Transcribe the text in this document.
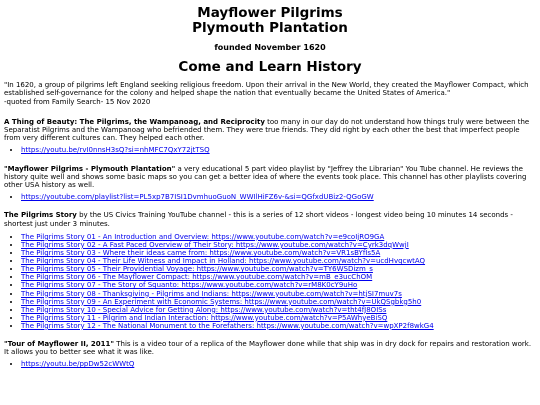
Mayflower Pilgrims
Plymouth Plantation

founded November 1620

Come and Learn History

"In 1620, a group of pilgrims left England seeking religious freedom. Upon their arrival in the New World, they created the Mayflower Compact, which established self-governance for the colony and helped shape the nation that eventually became the United States of America."

-quoted from Family Search- 15 Nov 2020

A Thing of Beauty: The Pilgrims, the Wampanoag, and Reciprocity too many in our day do not understand how things truly were between the Separatist Pilgrims and the Wampanoag who befriended them. They were true friends. They did right by each other the best that imperfect people from very different cultures can. They helped each other.

• https://youtu.be/rvI0nnsH3sQ?si=nhMFC7QxY72jtTSQ

"Mayflower Pilgrims - Plymouth Plantation" a very educational 5 part video playlist by "Jeffrey the Librarian" You Tube channel. He reviews the history quite well and shows some basic maps so you can get a better idea of where the events took place. This channel has other playlists covering other USA history as well.

• https://youtube.com/playlist?list=PL5xp7B7ISI1DvmhuoGuoN_WWIlHiFZ6v-&si=QGfxdUBiz2-QGoGW

The Pilgrims Story by the US Civics Training YouTube channel - this is a series of 12 short videos - longest video being 10 minutes 14 seconds - shortest just under 3 minutes.

• The Pilgrims Story 01 - An Introduction and Overview: https://www.youtube.com/watch?v=e9coIjRO9GA
• The Pilgrims Story 02 - A Fast Paced Overview of Their Story: https://www.youtube.com/watch?v=Cyrk3dqWwjI
• The Pilgrims Story 03 - Where their ideas came from: https://www.youtube.com/watch?v=VR1sBYfIs5A
• The Pilgrims Story 04 - Their Life Witness and Impact in Holland: https://www.youtube.com/watch?v=ucdHvqcwtAQ
• The Pilgrims Story 05 - Their Providential Voyage: https://www.youtube.com/watch?v=TY6WSDizm_s
• The Pilgrims Story 06 - The Mayflower Compact: https://www.youtube.com/watch?v=mB_e3ucChOM
• The Pilgrims Story 07 - The Story of Squanto: https://www.youtube.com/watch?v=rM8K0cY9uHo
• The Pilgrims Story 08 - Thanksgiving - Pilgrims and Indians: https://www.youtube.com/watch?v=htjSI7muv7s
• The Pilgrims Story 09 - An Experiment with Economic Systems: https://www.youtube.com/watch?v=UkQSgbkg5h0
• The Pilgrims Story 10 - Special Advice for Getting Along: https://www.youtube.com/watch?v=tht4fJ8OISs
• The Pilgrims Story 11 - Pilgrim and Indian Interaction: https://www.youtube.com/watch?v=P5AWhyeBiSQ
• The Pilgrims Story 12 - The National Monument to the Forefathers: https://www.youtube.com/watch?v=wpXP2f8wkG4

"Tour of Mayflower II, 2011" This is a video tour of a replica of the Mayflower done while that ship was in dry dock for repairs and restoration work. It allows you to better see what it was like.

• https://youtu.be/ppDw52cWWtQ
